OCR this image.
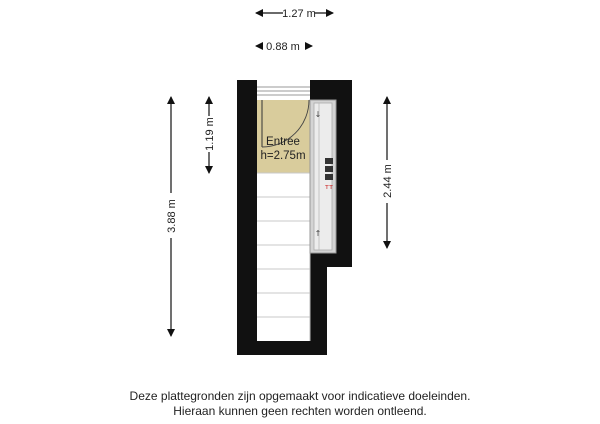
1.27 m
0.88 m
3.88 m
1.19 m
2.44 m
Entree
h=2.75m
↓
↑
ᴛᴛ
Deze plattegronden zijn opgemaakt voor indicatieve doeleinden.
Hieraan kunnen geen rechten worden ontleend.
